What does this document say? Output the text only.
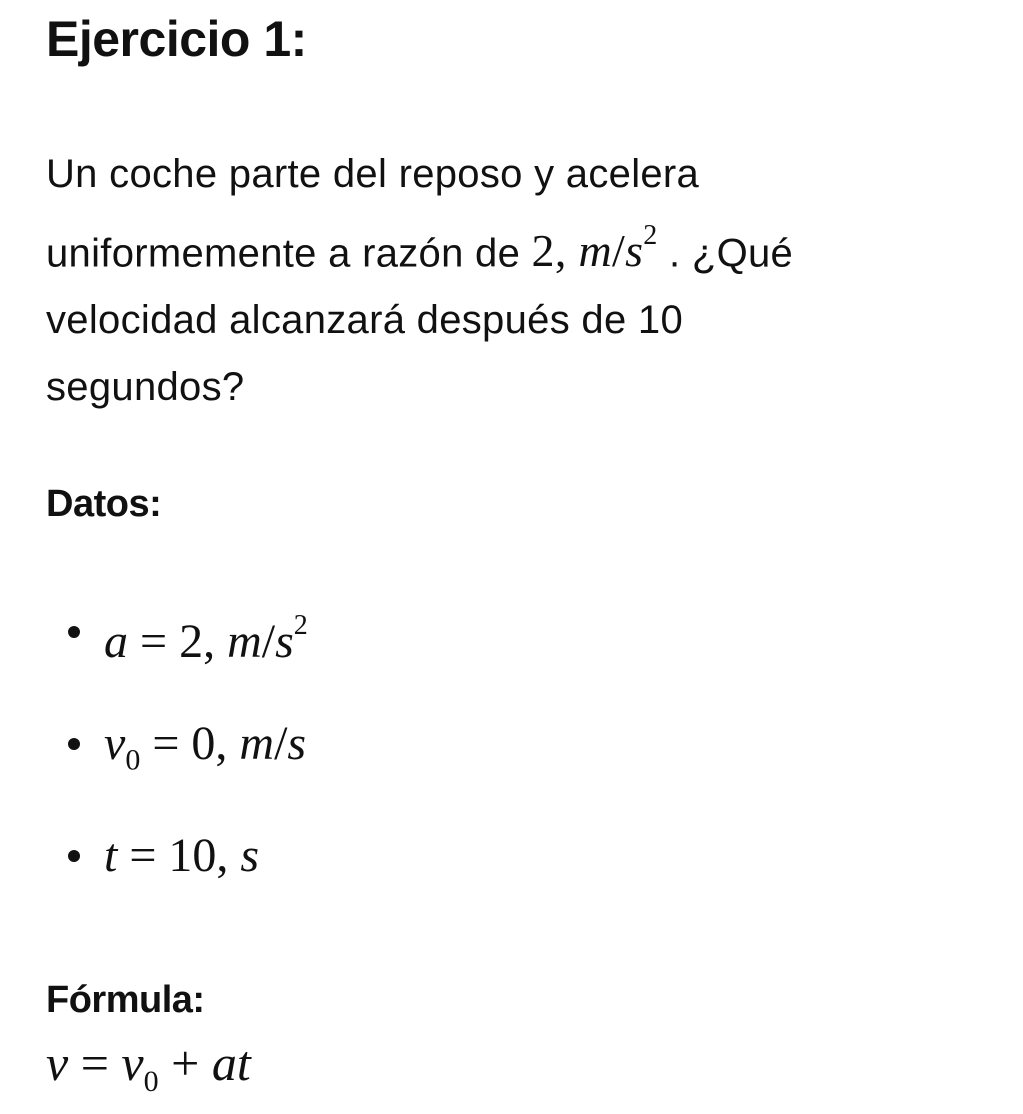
Ejercicio 1:
Un coche parte del reposo y acelera
uniformemente a razón de 2, $m/s^2$ . ¿Qué
velocidad alcanzará después de 10
segundos?
Datos:
a = 2, $m/s^2$
$v_0 = 0$, m/s
t = 10, s
Fórmula:
$v = v_0$ + at
